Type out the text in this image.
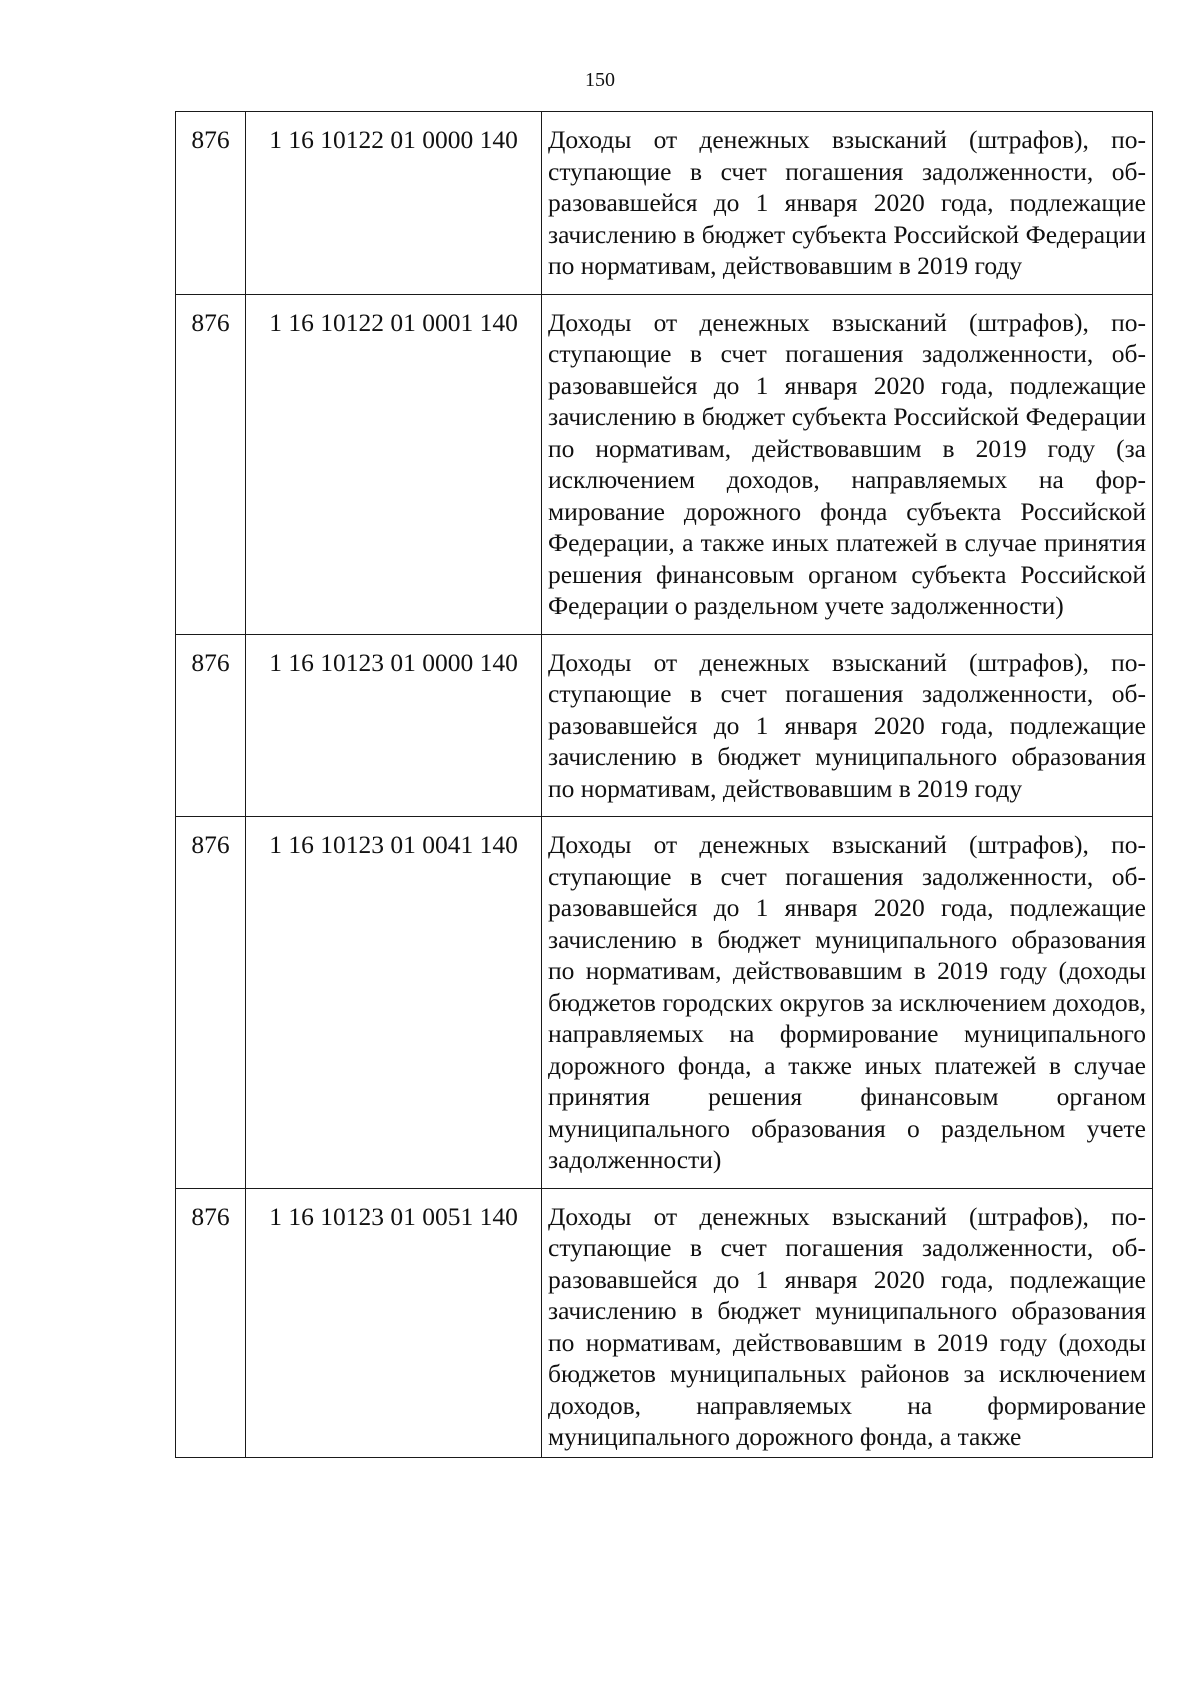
150
876	1 16 10122 01 0000 140	Доходы от денежных взысканий (штрафов), поступающие в счет погашения задолженности, образовавшейся до 1 января 2020 года, подлежащие зачислению в бюджет субъекта Российской Федерации по нормативам, действовавшим в 2019 году
876	1 16 10122 01 0001 140	Доходы от денежных взысканий (штрафов), поступающие в счет погашения задолженности, образовавшейся до 1 января 2020 года, подлежащие зачислению в бюджет субъекта Российской Федерации по нормативам, действовавшим в 2019 году (за исключением доходов, направляемых на формирование дорожного фонда субъекта Российской Федерации, а также иных платежей в случае принятия решения финансовым органом субъекта Российской Федерации о раздельном учете задолженности)
876	1 16 10123 01 0000 140	Доходы от денежных взысканий (штрафов), поступающие в счет погашения задолженности, образовавшейся до 1 января 2020 года, подлежащие зачислению в бюджет муниципального образования по нормативам, действовавшим в 2019 году
876	1 16 10123 01 0041 140	Доходы от денежных взысканий (штрафов), поступающие в счет погашения задолженности, образовавшейся до 1 января 2020 года, подлежащие зачислению в бюджет муниципального образования по нормативам, действовавшим в 2019 году (доходы бюджетов городских округов за исключением доходов, направляемых на формирование муниципального дорожного фонда, а также иных платежей в случае принятия решения финансовым органом муниципального образования о раздельном учете задолженности)
876	1 16 10123 01 0051 140	Доходы от денежных взысканий (штрафов), поступающие в счет погашения задолженности, образовавшейся до 1 января 2020 года, подлежащие зачислению в бюджет муниципального образования по нормативам, действовавшим в 2019 году (доходы бюджетов муниципальных районов за исключением доходов, направляемых на формирование муниципального дорожного фонда, а также
